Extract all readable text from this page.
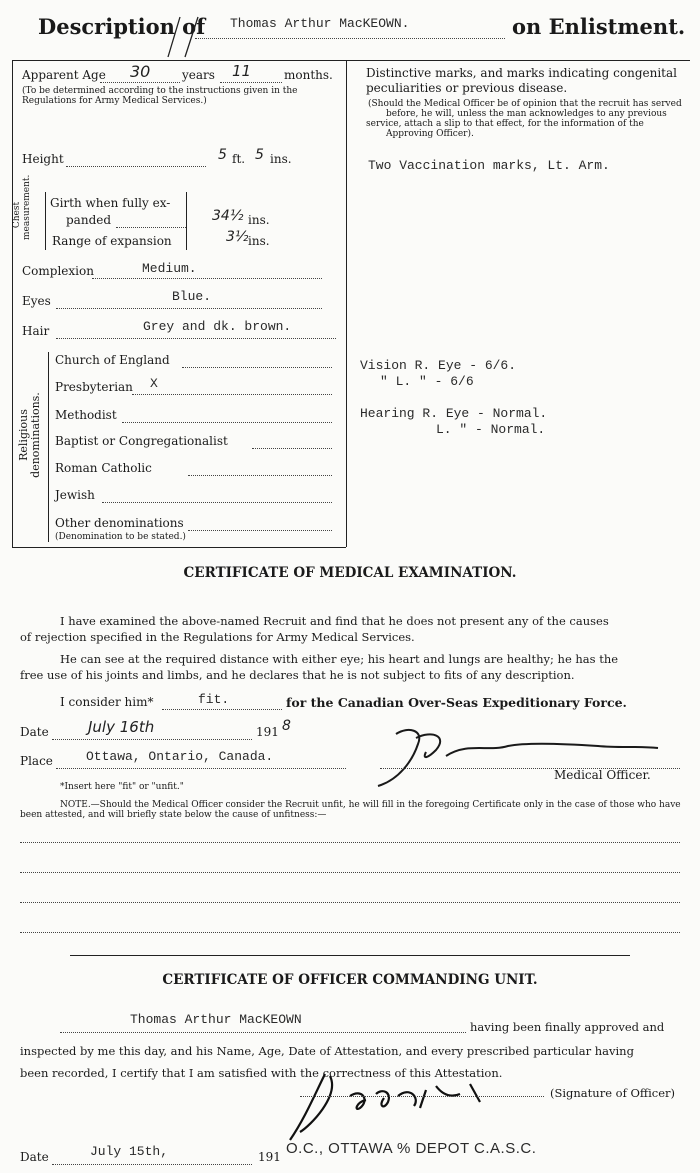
Description of Thomas Arthur MacKEOWN.	on Enlistment.
Apparent Age 30	years 11	months.
(To be determined according to the instructions given in the Regulations for Army Medical Services.)
Height	5 ft. 5 ins.
Chest measurement. Girth when fully ex-
panded	34½ ins.
Range of expansion	3½ ins.
Complexion	Medium.
Eyes	Blue.
Hair	Grey and dk. brown.
Religious denominations.
Church of England
Presbyterian X
Methodist
Baptist or Congregationalist
Roman Catholic
Jewish
Other denominations
(Denomination to be stated.)
Distinctive marks, and marks indicating congenital
peculiarities or previous disease.
(Should the Medical Officer be of opinion that the recruit has served
before, he will, unless the man acknowledges to any previous
service, attach a slip to that effect, for the information of the
Approving Officer).
Two Vaccination marks, Lt. Arm.
Vision R. Eye - 6/6.
" L. " - 6/6
Hearing R. Eye - Normal.
L. " - Normal.
CERTIFICATE OF MEDICAL EXAMINATION.
I have examined the above-named Recruit and find that he does not present any of the causes
of rejection specified in the Regulations for Army Medical Services.
He can see at the required distance with either eye; his heart and lungs are healthy; he has the
free use of his joints and limbs, and he declares that he is not subject to fits of any description.
I consider him*	fit.	for the Canadian Over-Seas Expeditionary Force.
Date	July 16th	191 8
Place	Ottawa, Ontario, Canada.
Medical Officer.
*Insert here "fit" or "unfit."
NOTE.—Should the Medical Officer consider the Recruit unfit, he will fill in the foregoing Certificate only in the case of those who have
been attested, and will briefly state below the cause of unfitness:—
CERTIFICATE OF OFFICER COMMANDING UNIT.
Thomas Arthur MacKEOWN	having been finally approved and
inspected by me this day, and his Name, Age, Date of Attestation, and every prescribed particular having
been recorded, I certify that I am satisfied with the correctness of this Attestation.
(Signature of Officer)
Date	July 15th,	191 O.C., OTTAWA % DEPOT C.A.S.C.
